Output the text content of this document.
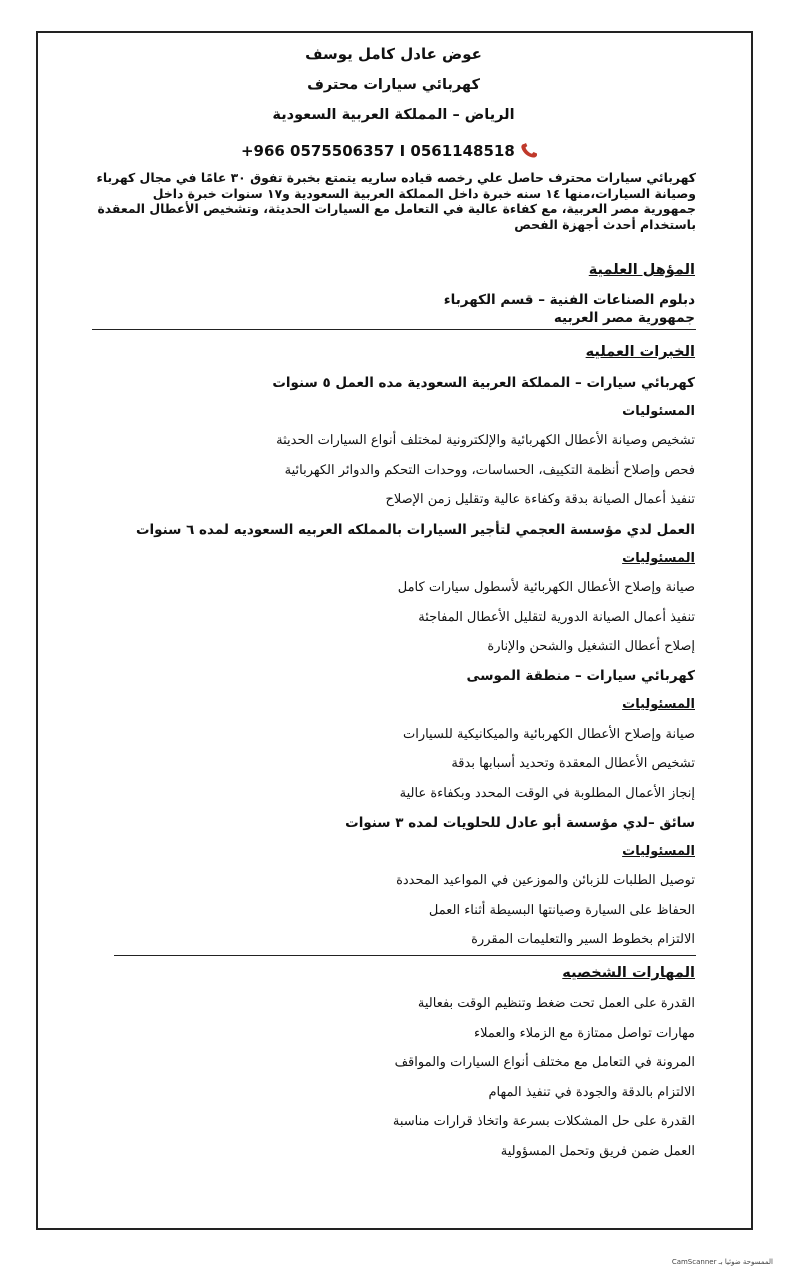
عوض عادل كامل يوسف
كهربائي سيارات محترف
الرياض – المملكة العربية السعودية
+966 0575506357 I 0561148518
كهربائي سيارات محترف حاصل علي رخصه قياده ساريه يتمتع بخبرة تفوق ٣٠ عامًا في مجال كهرباء وصيانة السيارات،منها ١٤ سنه خبرة داخل المملكة العربية السعودية و١٧ سنوات خبرة داخل جمهورية مصر العربية، مع كفاءة عالية في التعامل مع السيارات الحديثة، وتشخيص الأعطال المعقدة باستخدام أحدث أجهزة الفحص
المؤهل العلمية
دبلوم الصناعات الفنية – قسم الكهرباء
جمهورية مصر العربيه
الخبرات العمليه
كهربائي سيارات – المملكة العربية السعودية مده العمل ٥ سنوات
المسئوليات
تشخيص وصيانة الأعطال الكهربائية والإلكترونية لمختلف أنواع السيارات الحديثة
فحص وإصلاح أنظمة التكييف، الحساسات، ووحدات التحكم والدوائر الكهربائية
تنفيذ أعمال الصيانة بدقة وكفاءة عالية وتقليل زمن الإصلاح
العمل لدي مؤسسة العجمي لتأجير السيارات بالمملكه العربيه السعوديه لمده ٦ سنوات
المسئوليات
صيانة وإصلاح الأعطال الكهربائية لأسطول سيارات كامل
تنفيذ أعمال الصيانة الدورية لتقليل الأعطال المفاجئة
إصلاح أعطال التشغيل والشحن والإنارة
كهربائي سيارات – منطقة الموسى
المسئوليات
صيانة وإصلاح الأعطال الكهربائية والميكانيكية للسيارات
تشخيص الأعطال المعقدة وتحديد أسبابها بدقة
إنجاز الأعمال المطلوبة في الوقت المحدد وبكفاءة عالية
سائق –لدي مؤسسة أبو عادل للحلويات لمده ٣ سنوات
المسئوليات
توصيل الطلبات للزبائن والموزعين في المواعيد المحددة
الحفاظ على السيارة وصيانتها البسيطة أثناء العمل
الالتزام بخطوط السير والتعليمات المقررة
المهارات الشخصيه
القدرة على العمل تحت ضغط وتنظيم الوقت بفعالية
مهارات تواصل ممتازة مع الزملاء والعملاء
المرونة في التعامل مع مختلف أنواع السيارات والمواقف
الالتزام بالدقة والجودة في تنفيذ المهام
القدرة على حل المشكلات بسرعة واتخاذ قرارات مناسبة
العمل ضمن فريق وتحمل المسؤولية
الممسوحة ضوئيا بـ CamScanner
